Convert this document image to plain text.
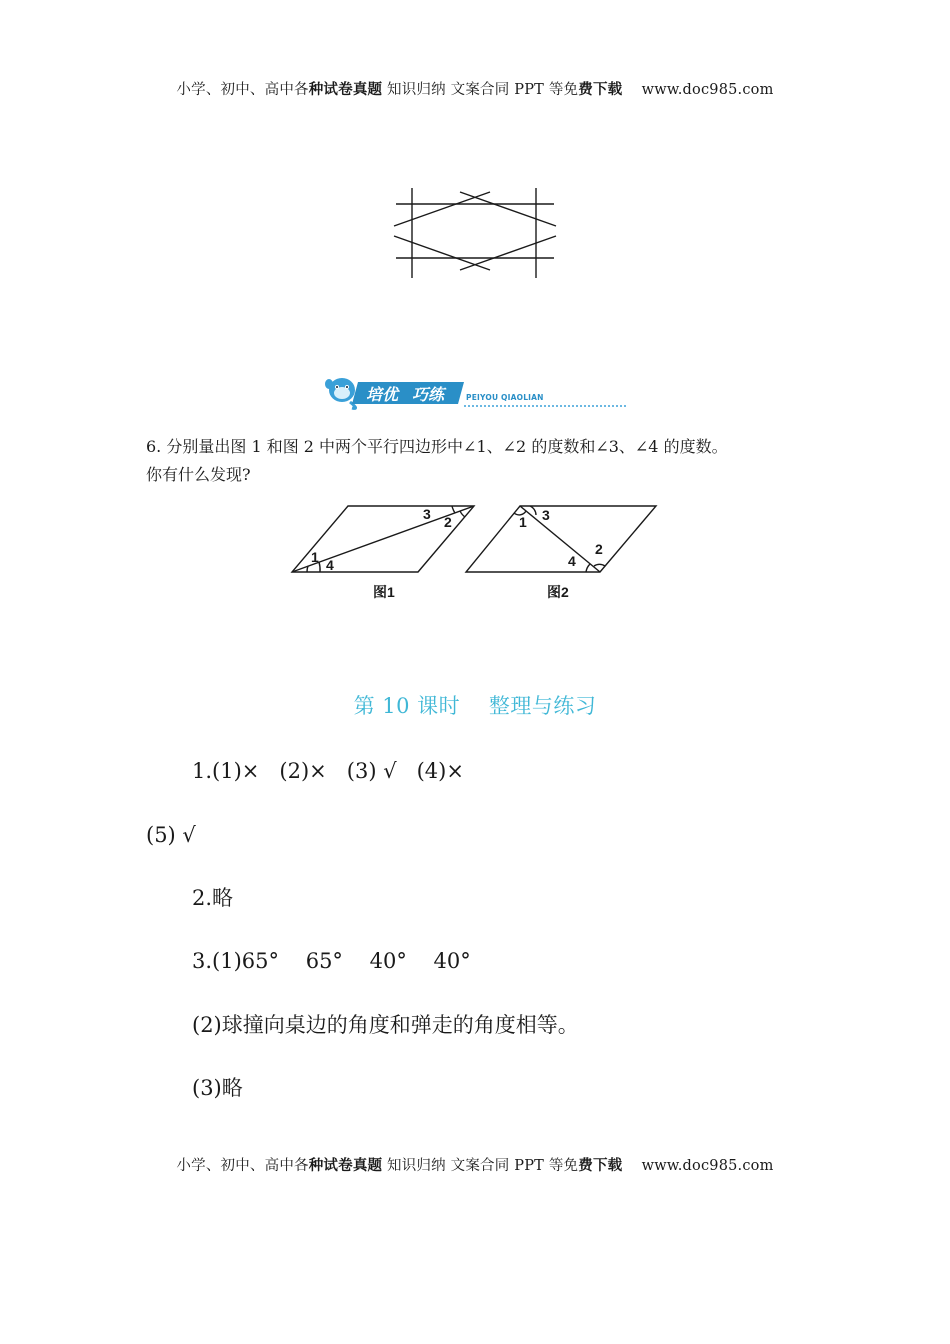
小学、初中、高中各种试卷真题 知识归纳 文案合同 PPT 等免费下载    www.doc985.com
培优 巧练	PEIYOU QIAOLIAN
6. 分别量出图 1 和图 2 中两个平行四边形中∠1、∠2 的度数和∠3、∠4 的度数。
你有什么发现?
1 4
3 2
图1
1 3
2
4
图2
第 10 课时    整理与练习
1.(1)×   (2)×   (3) √   (4)×
(5) √
2.略
3.(1)65°    65°    40°    40°
(2)球撞向桌边的角度和弹走的角度相等。
(3)略
小学、初中、高中各种试卷真题 知识归纳 文案合同 PPT 等免费下载    www.doc985.com
